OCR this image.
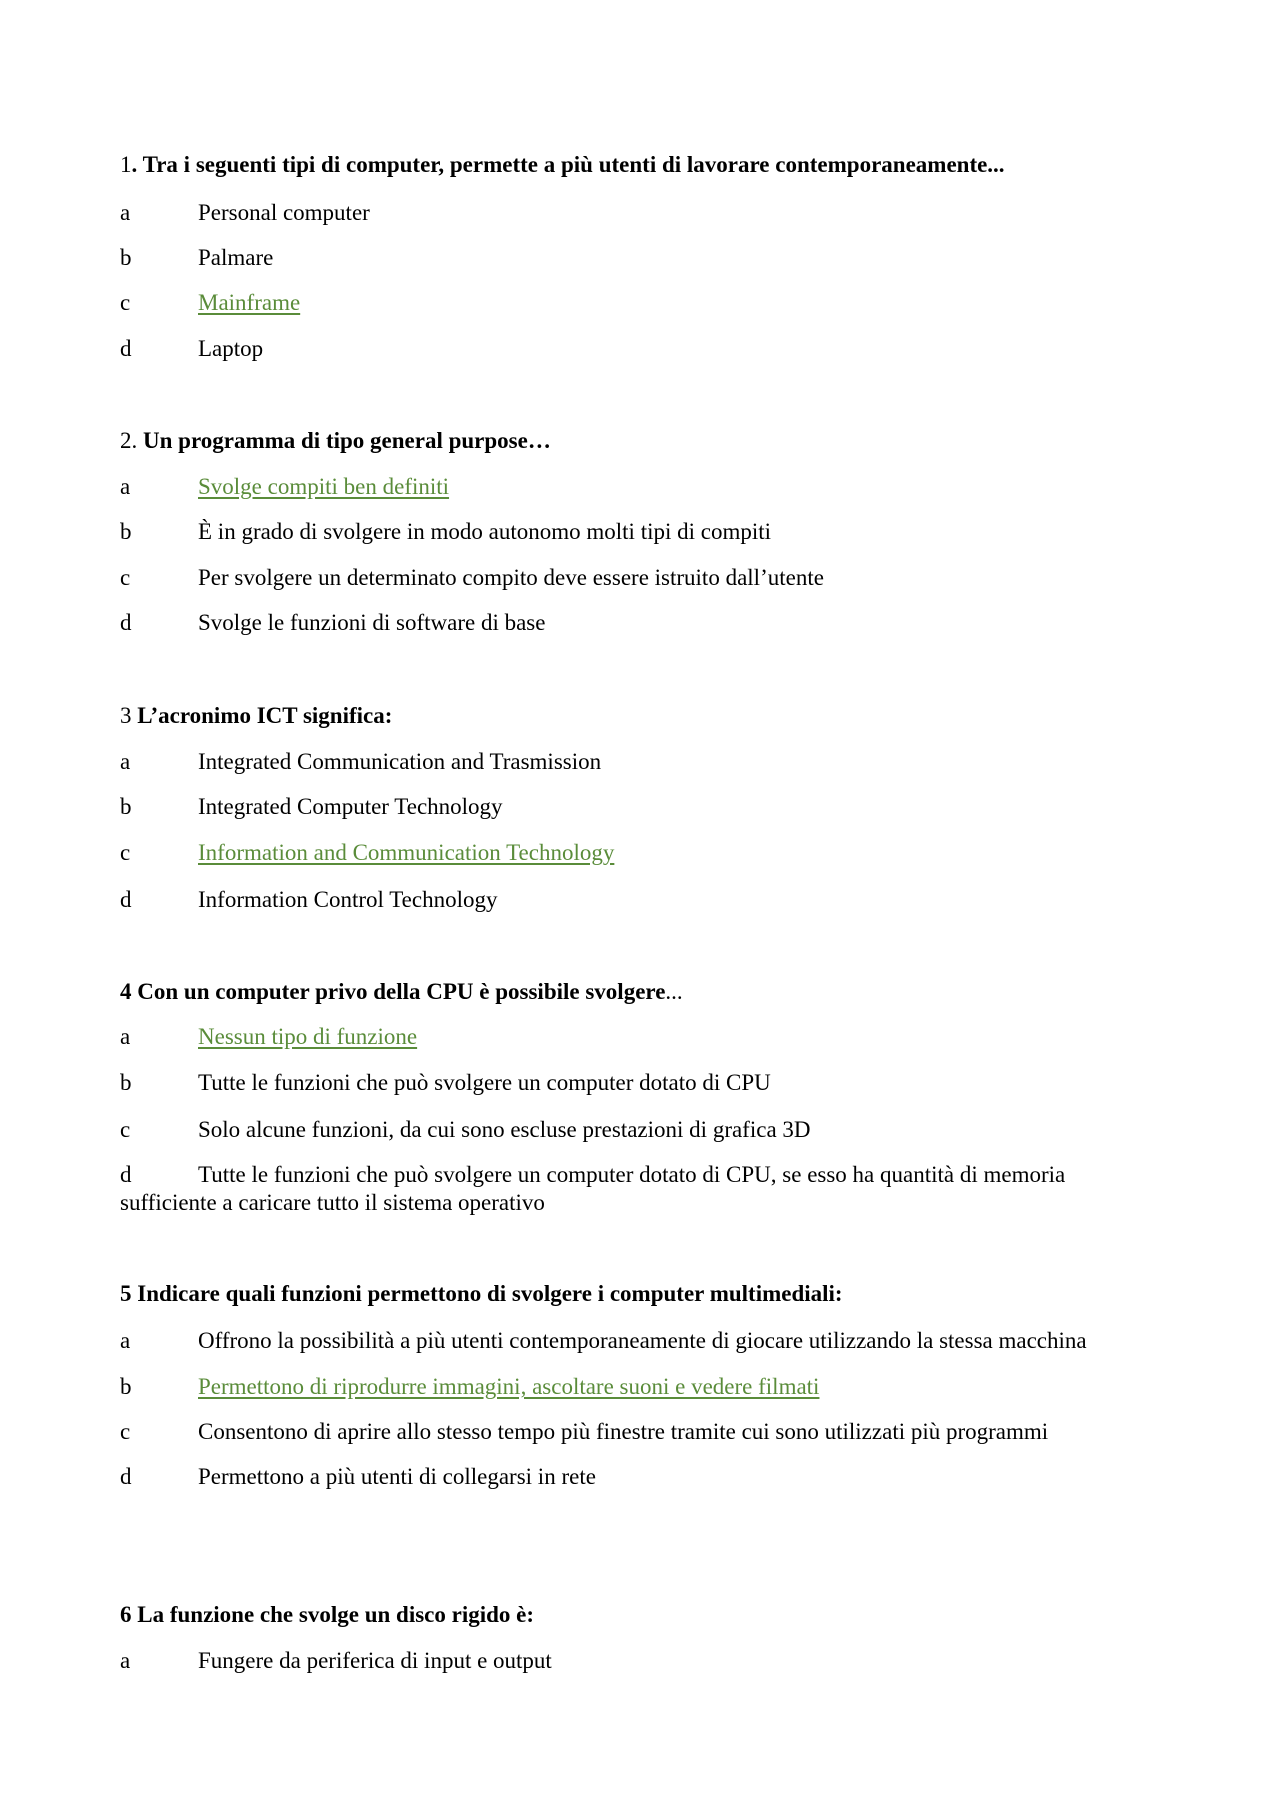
1. Tra i seguenti tipi di computer, permette a più utenti di lavorare contemporaneamente...
a	Personal computer
b	Palmare
c	Mainframe
d	Laptop
2. Un programma di tipo general purpose…
a	Svolge compiti ben definiti
b	È in grado di svolgere in modo autonomo molti tipi di compiti
c	Per svolgere un determinato compito deve essere istruito dall’utente
d	Svolge le funzioni di software di base
3 L’acronimo ICT significa:
a	Integrated Communication and Trasmission
b	Integrated Computer Technology
c	Information and Communication Technology
d	Information Control Technology
4 Con un computer privo della CPU è possibile svolgere...
a	Nessun tipo di funzione
b	Tutte le funzioni che può svolgere un computer dotato di CPU
c	Solo alcune funzioni, da cui sono escluse prestazioni di grafica 3D
d	Tutte le funzioni che può svolgere un computer dotato di CPU, se esso ha quantità di memoria sufficiente a caricare tutto il sistema operativo
5 Indicare quali funzioni permettono di svolgere i computer multimediali:
a	Offrono la possibilità a più utenti contemporaneamente di giocare utilizzando la stessa macchina
b	Permettono di riprodurre immagini, ascoltare suoni e vedere filmati
c	Consentono di aprire allo stesso tempo più finestre tramite cui sono utilizzati più programmi
d	Permettono a più utenti di collegarsi in rete
6 La funzione che svolge un disco rigido è:
a	Fungere da periferica di input e output
